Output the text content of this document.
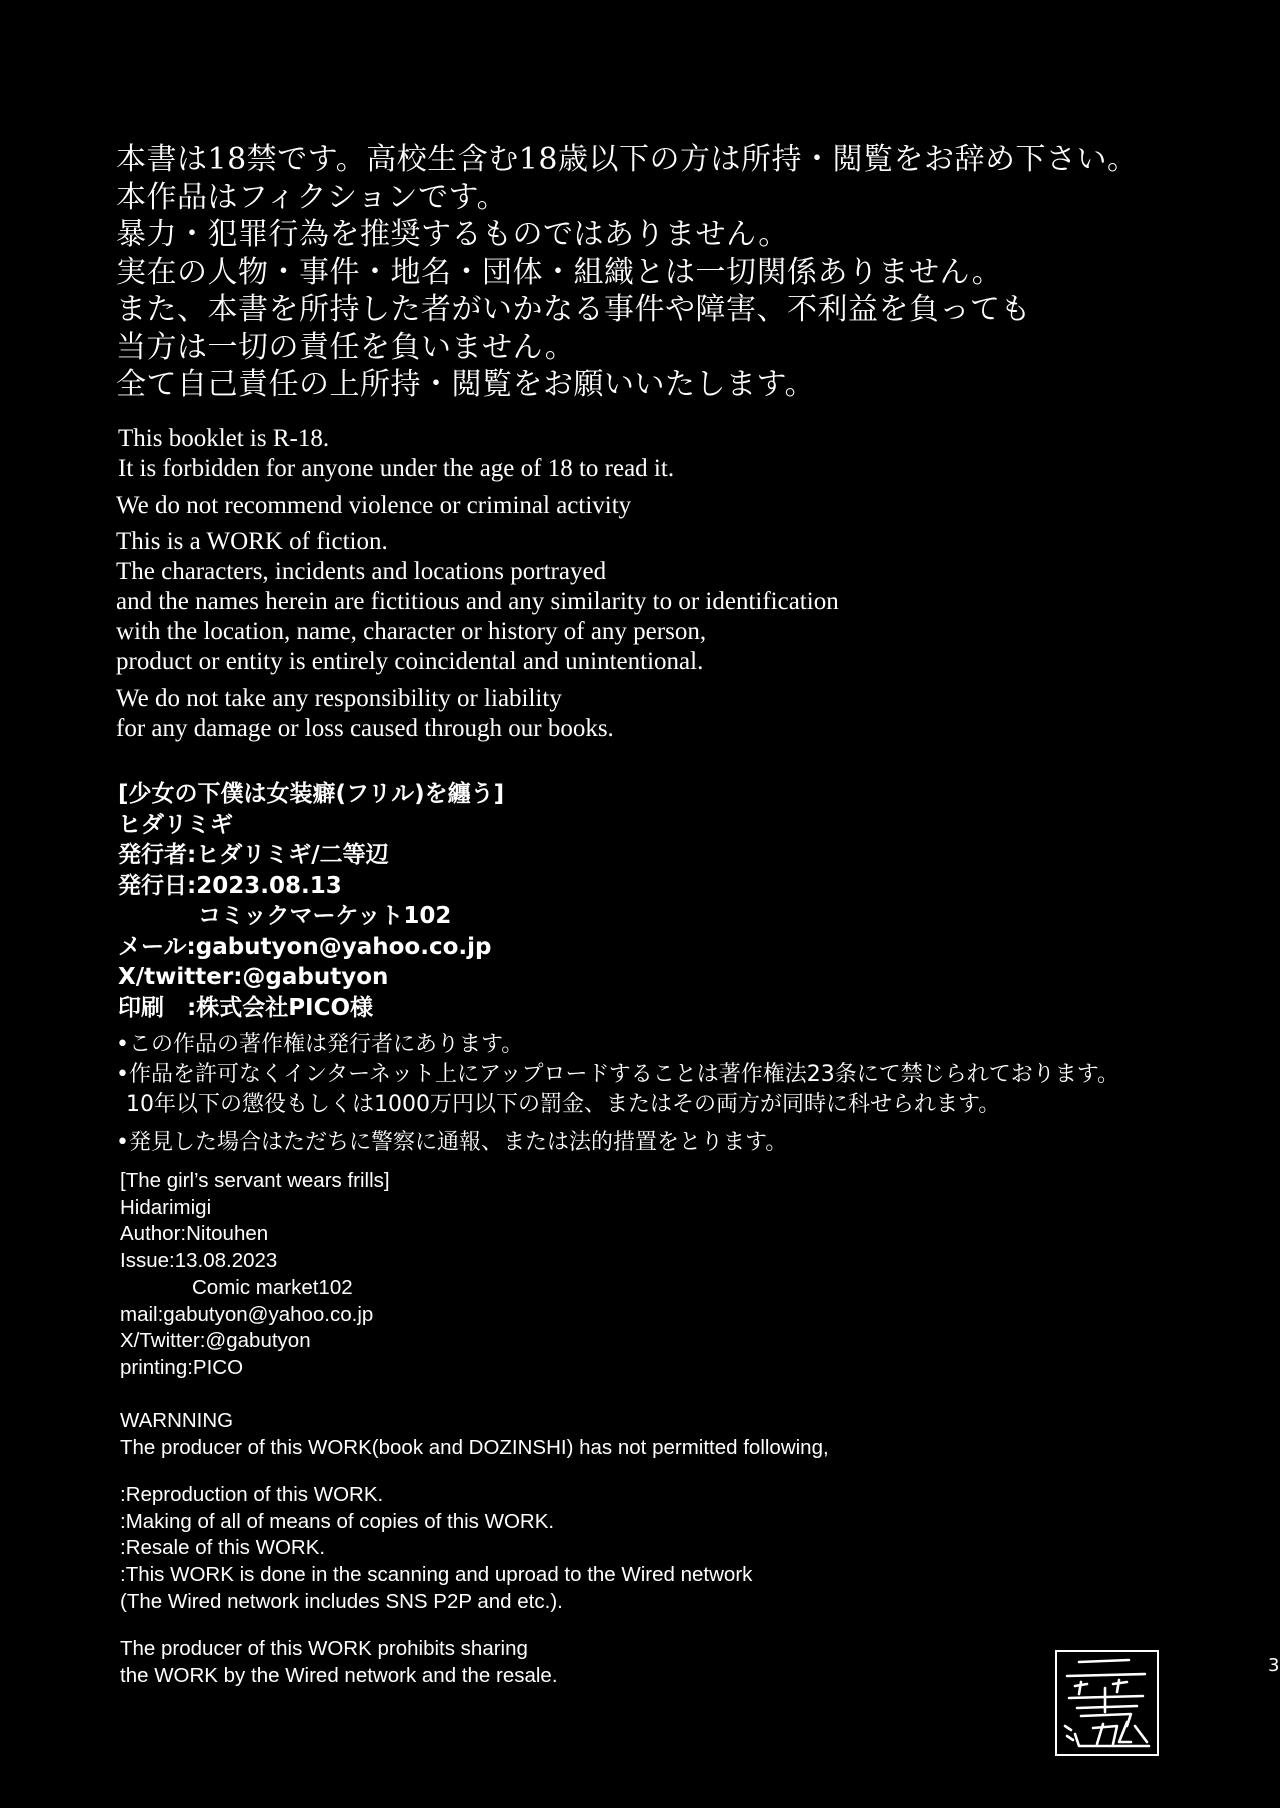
本書は18禁です。高校生含む18歳以下の方は所持・閲覧をお辞め下さい。
本作品はフィクションです。
暴力・犯罪行為を推奨するものではありません。
実在の人物・事件・地名・団体・組織とは一切関係ありません。
また、本書を所持した者がいかなる事件や障害、不利益を負っても
当方は一切の責任を負いません。
全て自己責任の上所持・閲覧をお願いいたします。
This booklet is R-18.
It is forbidden for anyone under the age of 18 to read it.
We do not recommend violence or criminal activity
This is a WORK of fiction.
The characters, incidents and locations portrayed
and the names herein are fictitious and any similarity to or identification
with the location, name, character or history of any person,
product or entity is entirely coincidental and unintentional.
We do not take any responsibility or liability
for any damage or loss caused through our books.
[少女の下僕は女装癖(フリル)を纏う]
ヒダリミギ
発行者:ヒダリミギ/二等辺
発行日:2023.08.13
コミックマーケット102
メール:gabutyon@yahoo.co.jp
X/twitter:@gabutyon
印刷　:株式会社PICO様
•この作品の著作権は発行者にあります。
•作品を許可なくインターネット上にアップロードすることは著作権法23条にて禁じられております。
10年以下の懲役もしくは1000万円以下の罰金、またはその両方が同時に科せられます。
•発見した場合はただちに警察に通報、または法的措置をとります。
[The girl’s servant wears frills]
Hidarimigi
Author:Nitouhen
Issue:13.08.2023
Comic market102
mail:gabutyon@yahoo.co.jp
X/Twitter:@gabutyon
printing:PICO
WARNNING
The producer of this WORK(book and DOZINSHI) has not permitted following,
:Reproduction of this WORK.
:Making of all of means of copies of this WORK.
:Resale of this WORK.
:This WORK is done in the scanning and uproad to the Wired network
(The Wired network includes SNS P2P and etc.).
The producer of this WORK prohibits sharing
the WORK by the Wired network and the resale.	3
